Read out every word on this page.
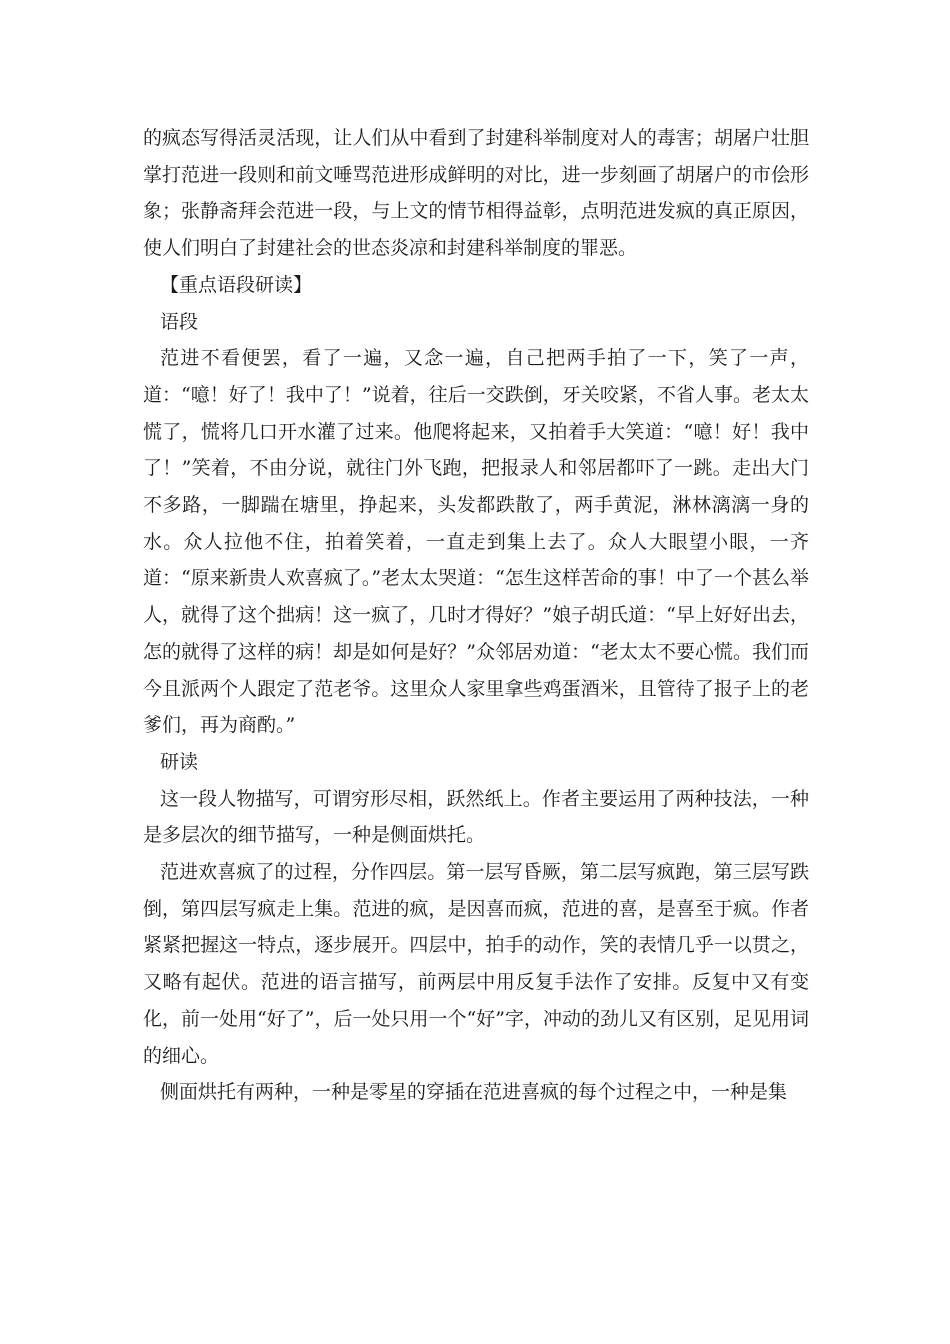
的疯态写得活灵活现，让人们从中看到了封建科举制度对人的毒害；胡屠户壮胆掌打范进一段则和前文唾骂范进形成鲜明的对比，进一步刻画了胡屠户的市侩形象；张静斋拜会范进一段，与上文的情节相得益彰，点明范进发疯的真正原因，使人们明白了封建社会的世态炎凉和封建科举制度的罪恶。

【重点语段研读】

语段

范进不看便罢，看了一遍，又念一遍，自己把两手拍了一下，笑了一声，道：“噫！好了！我中了！”说着，往后一交跌倒，牙关咬紧，不省人事。老太太慌了，慌将几口开水灌了过来。他爬将起来，又拍着手大笑道：“噫！好！我中了！”笑着，不由分说，就往门外飞跑，把报录人和邻居都吓了一跳。走出大门不多路，一脚踹在塘里，挣起来，头发都跌散了，两手黄泥，淋林漓漓一身的水。众人拉他不住，拍着笑着，一直走到集上去了。众人大眼望小眼，一齐道：“原来新贵人欢喜疯了。”老太太哭道：“怎生这样苦命的事！中了一个甚么举人，就得了这个拙病！这一疯了，几时才得好？”娘子胡氏道：“早上好好出去，怎的就得了这样的病！却是如何是好？”众邻居劝道：“老太太不要心慌。我们而今且派两个人跟定了范老爷。这里众人家里拿些鸡蛋酒米，且管待了报子上的老爹们，再为商酌。”

研读

这一段人物描写，可谓穷形尽相，跃然纸上。作者主要运用了两种技法，一种是多层次的细节描写，一种是侧面烘托。

范进欢喜疯了的过程，分作四层。第一层写昏厥，第二层写疯跑，第三层写跌倒，第四层写疯走上集。范进的疯，是因喜而疯，范进的喜，是喜至于疯。作者紧紧把握这一特点，逐步展开。四层中，拍手的动作，笑的表情几乎一以贯之，又略有起伏。范进的语言描写，前两层中用反复手法作了安排。反复中又有变化，前一处用“好了”，后一处只用一个“好”字，冲动的劲儿又有区别，足见用词的细心。

侧面烘托有两种，一种是零星的穿插在范进喜疯的每个过程之中，一种是集
